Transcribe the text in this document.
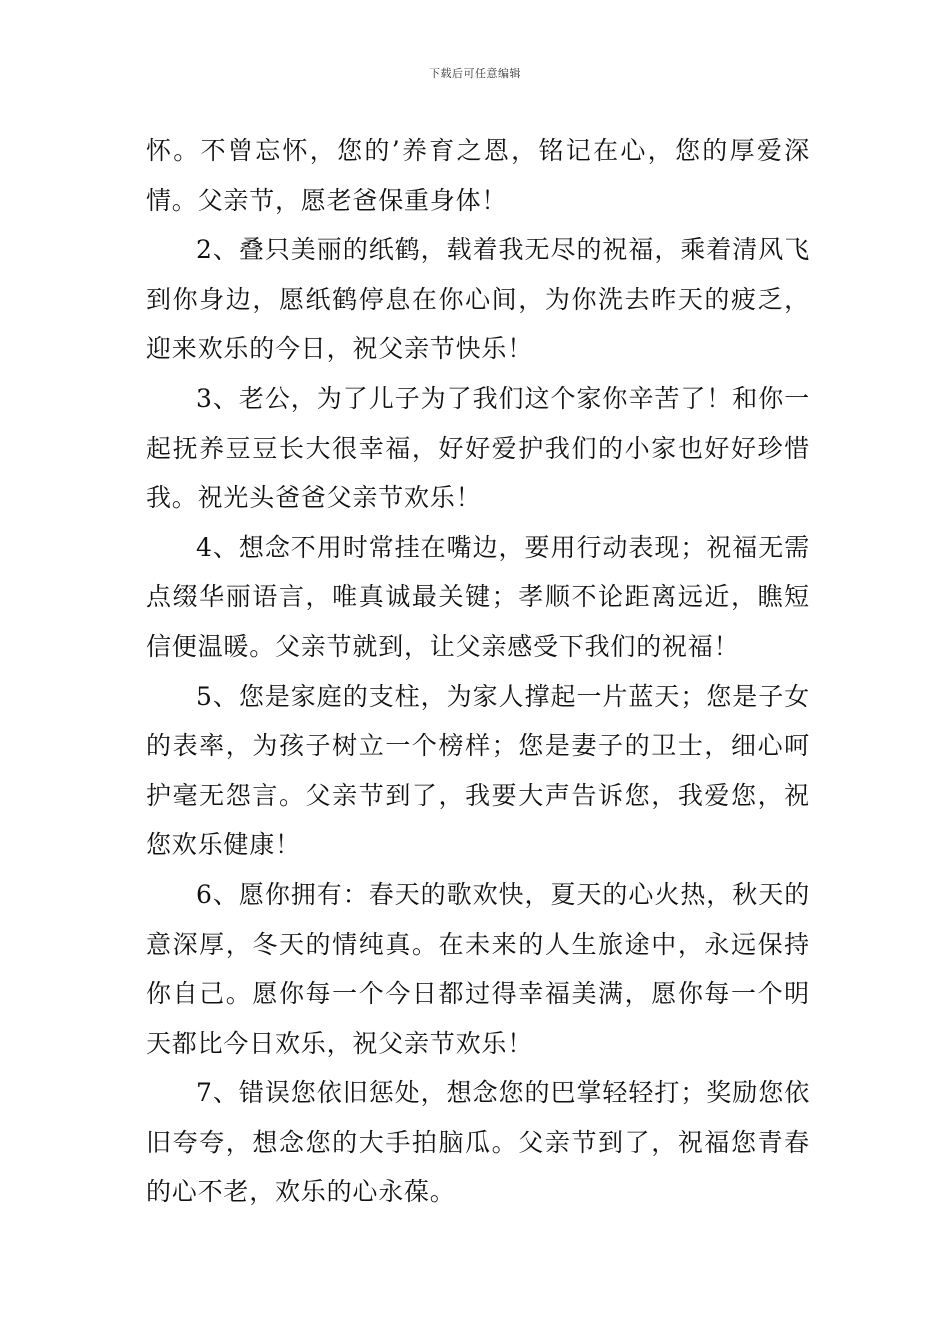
下载后可任意编辑

怀。不曾忘怀，您的’养育之恩，铭记在心，您的厚爱深情。父亲节，愿老爸保重身体！

2、叠只美丽的纸鹤，载着我无尽的祝福，乘着清风飞到你身边，愿纸鹤停息在你心间，为你洗去昨天的疲乏，迎来欢乐的今日，祝父亲节快乐！

3、老公，为了儿子为了我们这个家你辛苦了！和你一起抚养豆豆长大很幸福，好好爱护我们的小家也好好珍惜我。祝光头爸爸父亲节欢乐！

4、想念不用时常挂在嘴边，要用行动表现；祝福无需点缀华丽语言，唯真诚最关键；孝顺不论距离远近，瞧短信便温暖。父亲节就到，让父亲感受下我们的祝福！

5、您是家庭的支柱，为家人撑起一片蓝天；您是子女的表率，为孩子树立一个榜样；您是妻子的卫士，细心呵护毫无怨言。父亲节到了，我要大声告诉您，我爱您，祝您欢乐健康！

6、愿你拥有：春天的歌欢快，夏天的心火热，秋天的意深厚，冬天的情纯真。在未来的人生旅途中，永远保持你自己。愿你每一个今日都过得幸福美满，愿你每一个明天都比今日欢乐，祝父亲节欢乐！

7、错误您依旧惩处，想念您的巴掌轻轻打；奖励您依旧夸夸，想念您的大手拍脑瓜。父亲节到了，祝福您青春的心不老，欢乐的心永葆。
